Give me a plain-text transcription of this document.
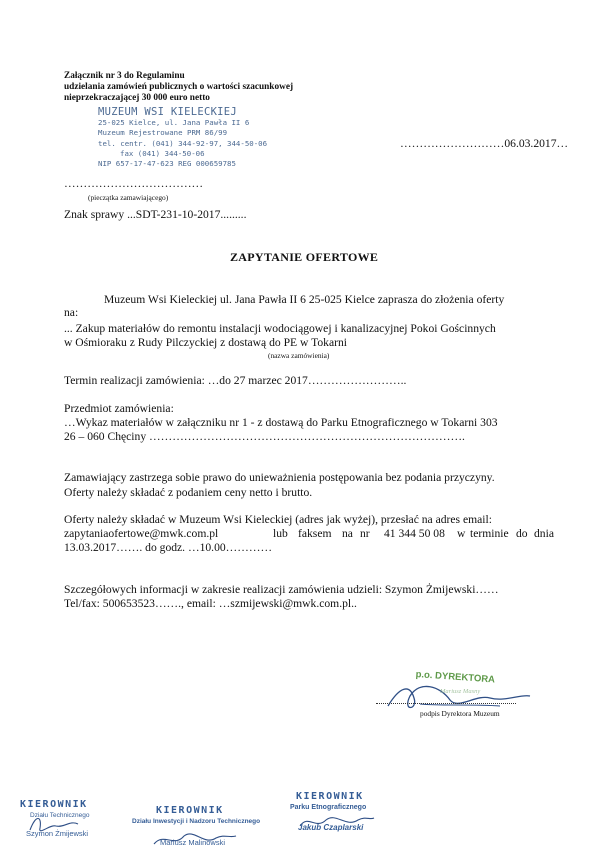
Załącznik nr 3 do Regulaminu
udzielania zamówień publicznych o wartości szacunkowej
nieprzekraczającej 30 000 euro netto
MUZEUM WSI KIELECKIEJ
25-025 Kielce, ul. Jana Pawła II 6
Muzeum Rejestrowane PRM 86/99
tel. centr. (041) 344-92-97, 344-50-06
fax (041) 344-50-06
NIP 657-17-47-623 REG 000659785
………………………06.03.2017…
………………………………
(pieczątka zamawiającego)
Znak sprawy ...SDT-231-10-2017.........
ZAPYTANIE OFERTOWE
Muzeum Wsi Kieleckiej ul. Jana Pawła II 6 25-025 Kielce zaprasza do złożenia oferty
na:
... Zakup materiałów do remontu instalacji wodociągowej i kanalizacyjnej Pokoi Gościnnych
w Ośmioraku z Rudy Pilczyckiej z dostawą do PE w Tokarni
(nazwa zamówienia)
Termin realizacji zamówienia: …do 27 marzec 2017……………………..
Przedmiot zamówienia:
…Wykaz materiałów w załączniku nr 1 - z dostawą do Parku Etnograficznego w Tokarni 303
26 – 060 Chęciny ……………………………………………………………………….
Zamawiający zastrzega sobie prawo do unieważnienia postępowania bez podania przyczyny.
Oferty należy składać z podaniem ceny netto i brutto.
Oferty należy składać w Muzeum Wsi Kieleckiej (adres jak wyżej), przesłać na adres email:
zapytaniaofertowe@mwk.com.pl	lub faksem na nr 41 344 50 08 w terminie do dnia
13.03.2017……. do godz. …10.00…………
Szczegółowych informacji w zakresie realizacji zamówienia udzieli: Szymon Żmijewski……
Tel/fax: 500653523……., email: …szmijewski@mwk.com.pl..
p.o. DYREKTORA
Mariusz Masny
podpis Dyrektora Muzeum
KIEROWNIK
Działu Technicznego
Szymon Żmijewski
KIEROWNIK
Działu Inwestycji i Nadzoru Technicznego
Mariusz Malinowski
KIEROWNIK
Parku Etnograficznego
Jakub Czaplarski
